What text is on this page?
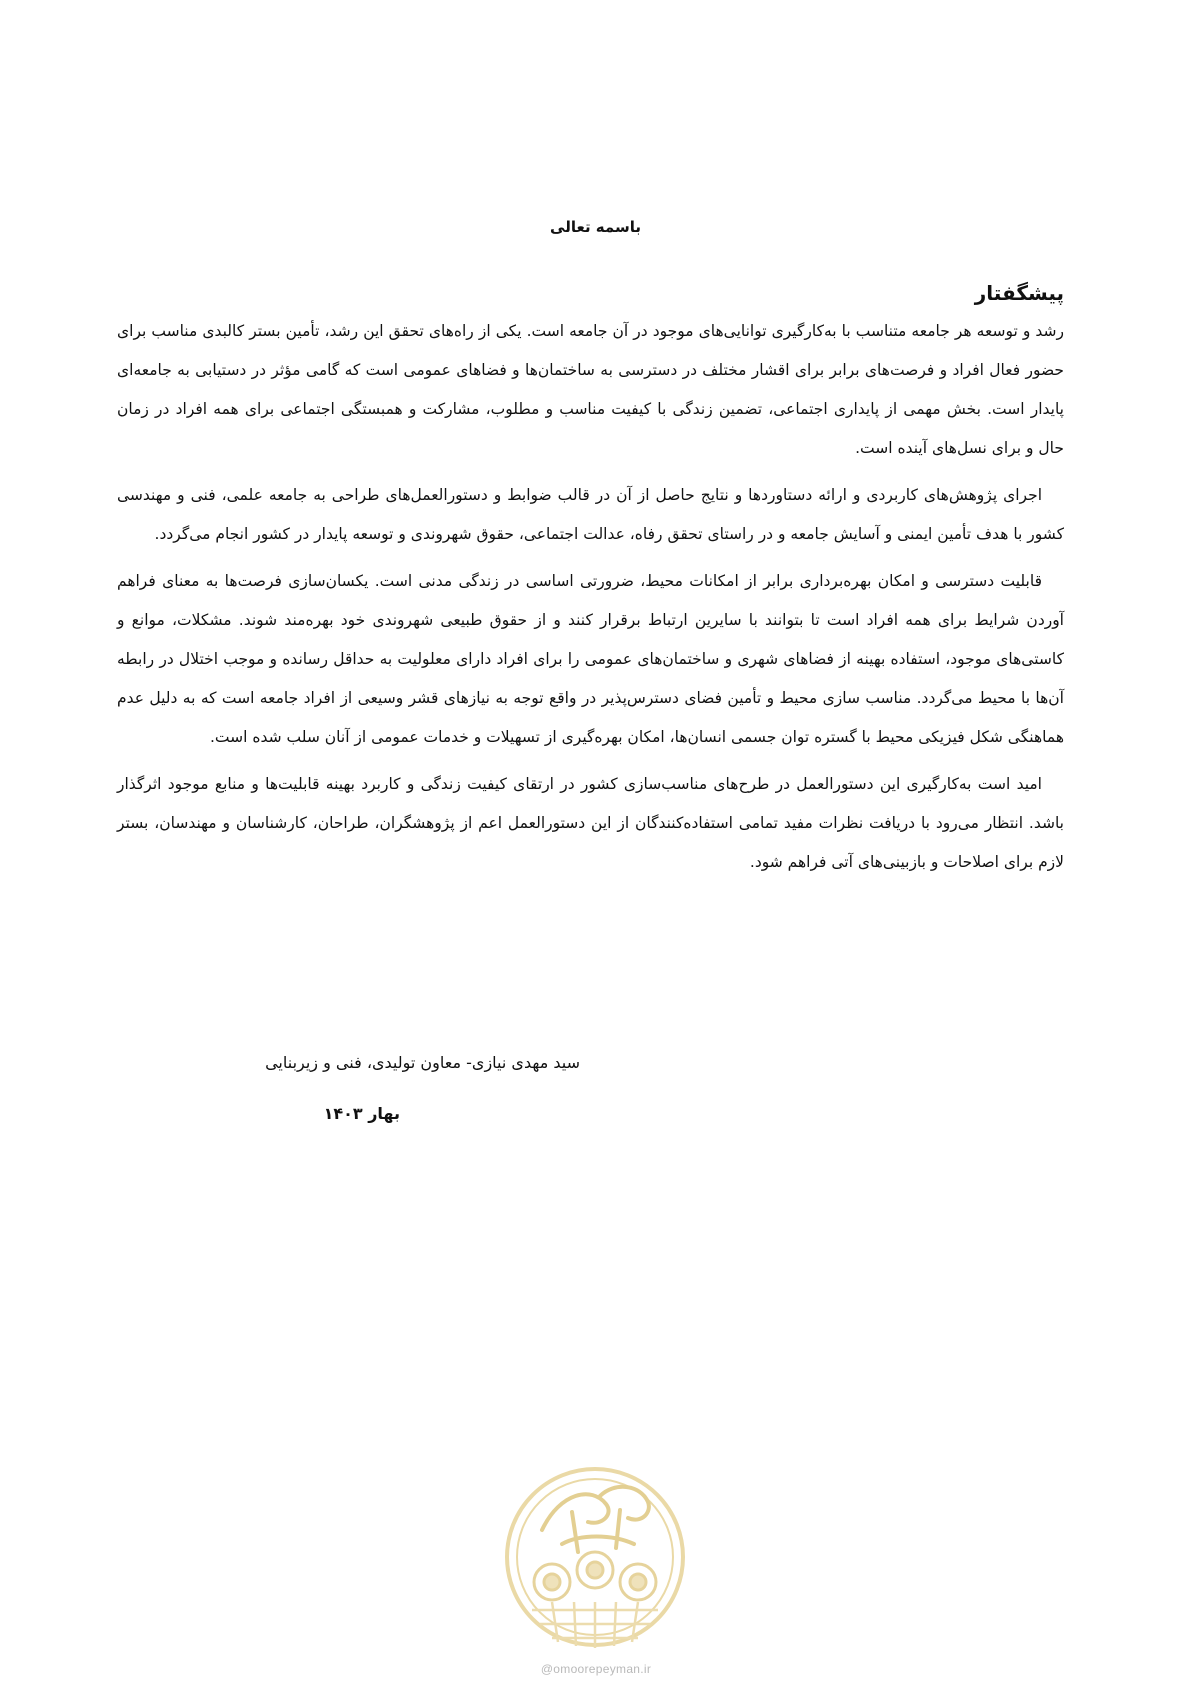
باسمه تعالی
پیشگفتار

رشد و توسعه هر جامعه متناسب با به‌کارگیری توانایی‌های موجود در آن جامعه است. یکی از راه‌های تحقق این رشد، تأمین بستر کالبدی مناسب برای حضور فعال افراد و فرصت‌های برابر برای اقشار مختلف در دسترسی به ساختمان‌ها و فضاهای عمومی است که گامی مؤثر در دستیابی به جامعه‌ای پایدار است. بخش مهمی از پایداری اجتماعی، تضمین زندگی با کیفیت مناسب و مطلوب، مشارکت و همبستگی اجتماعی برای همه افراد در زمان حال و برای نسل‌های آینده است.

اجرای پژوهش‌های کاربردی و ارائه دستاوردها و نتایج حاصل از آن در قالب ضوابط و دستورالعمل‌های طراحی به جامعه علمی، فنی و مهندسی کشور با هدف تأمین ایمنی و آسایش جامعه و در راستای تحقق رفاه، عدالت اجتماعی، حقوق شهروندی و توسعه پایدار در کشور انجام می‌گردد.

قابلیت دسترسی و امکان بهره‌برداری برابر از امکانات محیط، ضرورتی اساسی در زندگی مدنی است. یکسان‌سازی فرصت‌ها به معنای فراهم آوردن شرایط برای همه افراد است تا بتوانند با سایرین ارتباط برقرار کنند و از حقوق طبیعی شهروندی خود بهره‌مند شوند. مشکلات، موانع و کاستی‌های موجود، استفاده بهینه از فضاهای شهری و ساختمان‌های عمومی را برای افراد دارای معلولیت به حداقل رسانده و موجب اختلال در رابطه آن‌ها با محیط می‌گردد. مناسب سازی محیط و تأمین فضای دسترس‌پذیر در واقع توجه به نیازهای قشر وسیعی از افراد جامعه است که به دلیل عدم هماهنگی شکل فیزیکی محیط با گستره توان جسمی انسان‌ها، امکان بهره‌گیری از تسهیلات و خدمات عمومی از آنان سلب شده است.

امید است به‌کارگیری این دستورالعمل در طرح‌های مناسب‌سازی کشور در ارتقای کیفیت زندگی و کاربرد بهینه قابلیت‌ها و منابع موجود اثرگذار باشد. انتظار می‌رود با دریافت نظرات مفید تمامی استفاده‌کنندگان از این دستورالعمل اعم از پژوهشگران، طراحان، کارشناسان و مهندسان، بستر لازم برای اصلاحات و بازبینی‌های آتی فراهم شود.

سید مهدی نیازی- معاون تولیدی، فنی و زیربنایی
بهار ۱۴۰۳
@omoorepeyman.ir
